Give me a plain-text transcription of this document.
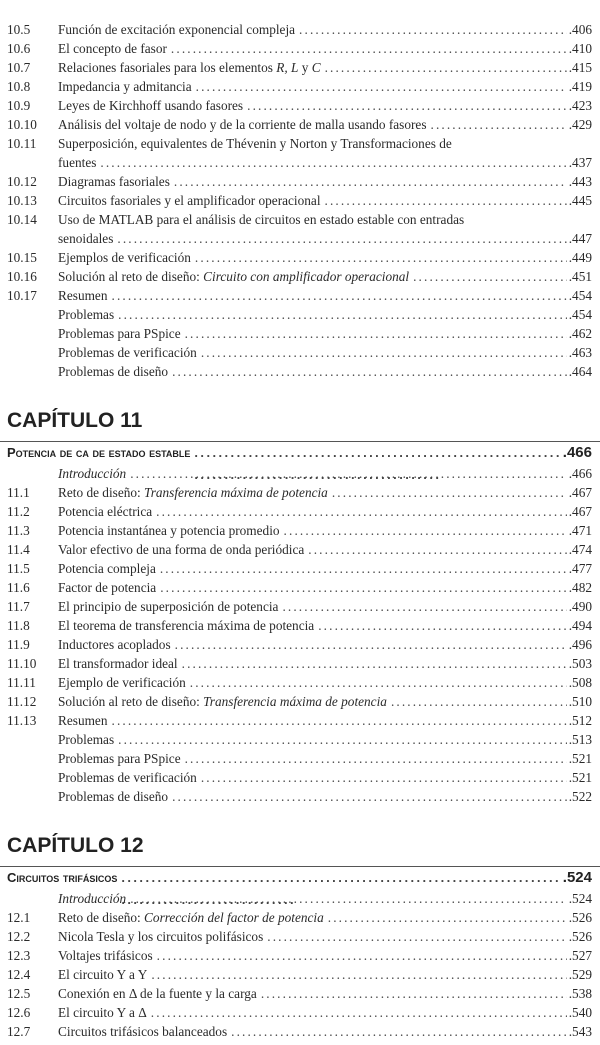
10.5	Función de excitación exponencial compleja . . .	.406
10.6	El concepto de fasor . . .	.410
10.7	Relaciones fasoriales para los elementos R, L y C . . .	.415
10.8	Impedancia y admitancia . . .	.419
10.9	Leyes de Kirchhoff usando fasores . . .	.423
10.10	Análisis del voltaje de nodo y de la corriente de malla usando fasores . . .	.429
10.11	Superposición, equivalentes de Thévenin y Norton y Transformaciones de
fuentes . . .	.437
10.12	Diagramas fasoriales . . .	.443
10.13	Circuitos fasoriales y el amplificador operacional . . .	.445
10.14	Uso de MATLAB para el análisis de circuitos en estado estable con entradas
senoidales . . .	.447
10.15	Ejemplos de verificación . . .	.449
10.16	Solución al reto de diseño: Circuito con amplificador operacional . . .	.451
10.17	Resumen . . .	.454
Problemas . . .	.454
Problemas para PSpice . . .	.462
Problemas de verificación . . .	.463
Problemas de diseño . . .	.464
CAPÍTULO 11
Potencia de ca de estado estable . . .	.466
Introducción . . .	.466
11.1	Reto de diseño: Transferencia máxima de potencia . . .	.467
11.2	Potencia eléctrica . . .	.467
11.3	Potencia instantánea y potencia promedio . . .	.471
11.4	Valor efectivo de una forma de onda periódica . . .	.474
11.5	Potencia compleja . . .	.477
11.6	Factor de potencia . . .	.482
11.7	El principio de superposición de potencia . . .	.490
11.8	El teorema de transferencia máxima de potencia . . .	.494
11.9	Inductores acoplados . . .	.496
11.10	El transformador ideal . . .	.503
11.11	Ejemplo de verificación . . .	.508
11.12	Solución al reto de diseño: Transferencia máxima de potencia . . .	.510
11.13	Resumen . . .	.512
Problemas . . .	.513
Problemas para PSpice . . .	.521
Problemas de verificación . . .	.521
Problemas de diseño . . .	.522
CAPÍTULO 12
Circuitos trifásicos . . .	.524
Introducción . . .	.524
12.1	Reto de diseño: Corrección del factor de potencia . . .	.526
12.2	Nicola Tesla y los circuitos polifásicos . . .	.526
12.3	Voltajes trifásicos . . .	.527
12.4	El circuito Y a Y . . .	.529
12.5	Conexión en Δ de la fuente y la carga . . .	.538
12.6	El circuito Y a Δ . . .	.540
12.7	Circuitos trifásicos balanceados . . .	.543
